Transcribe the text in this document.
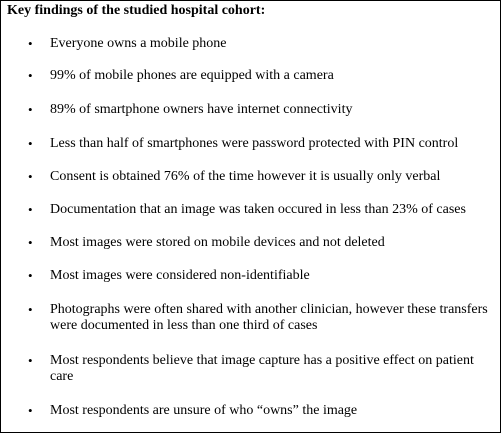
Key findings of the studied hospital cohort:
• Everyone owns a mobile phone
• 99% of mobile phones are equipped with a camera
• 89% of smartphone owners have internet connectivity
• Less than half of smartphones were password protected with PIN control
• Consent is obtained 76% of the time however it is usually only verbal
• Documentation that an image was taken occured in less than 23% of cases
• Most images were stored on mobile devices and not deleted
• Most images were considered non-identifiable
• Photographs were often shared with another clinician, however these transfers were documented in less than one third of cases
• Most respondents believe that image capture has a positive effect on patient care
• Most respondents are unsure of who “owns” the image
